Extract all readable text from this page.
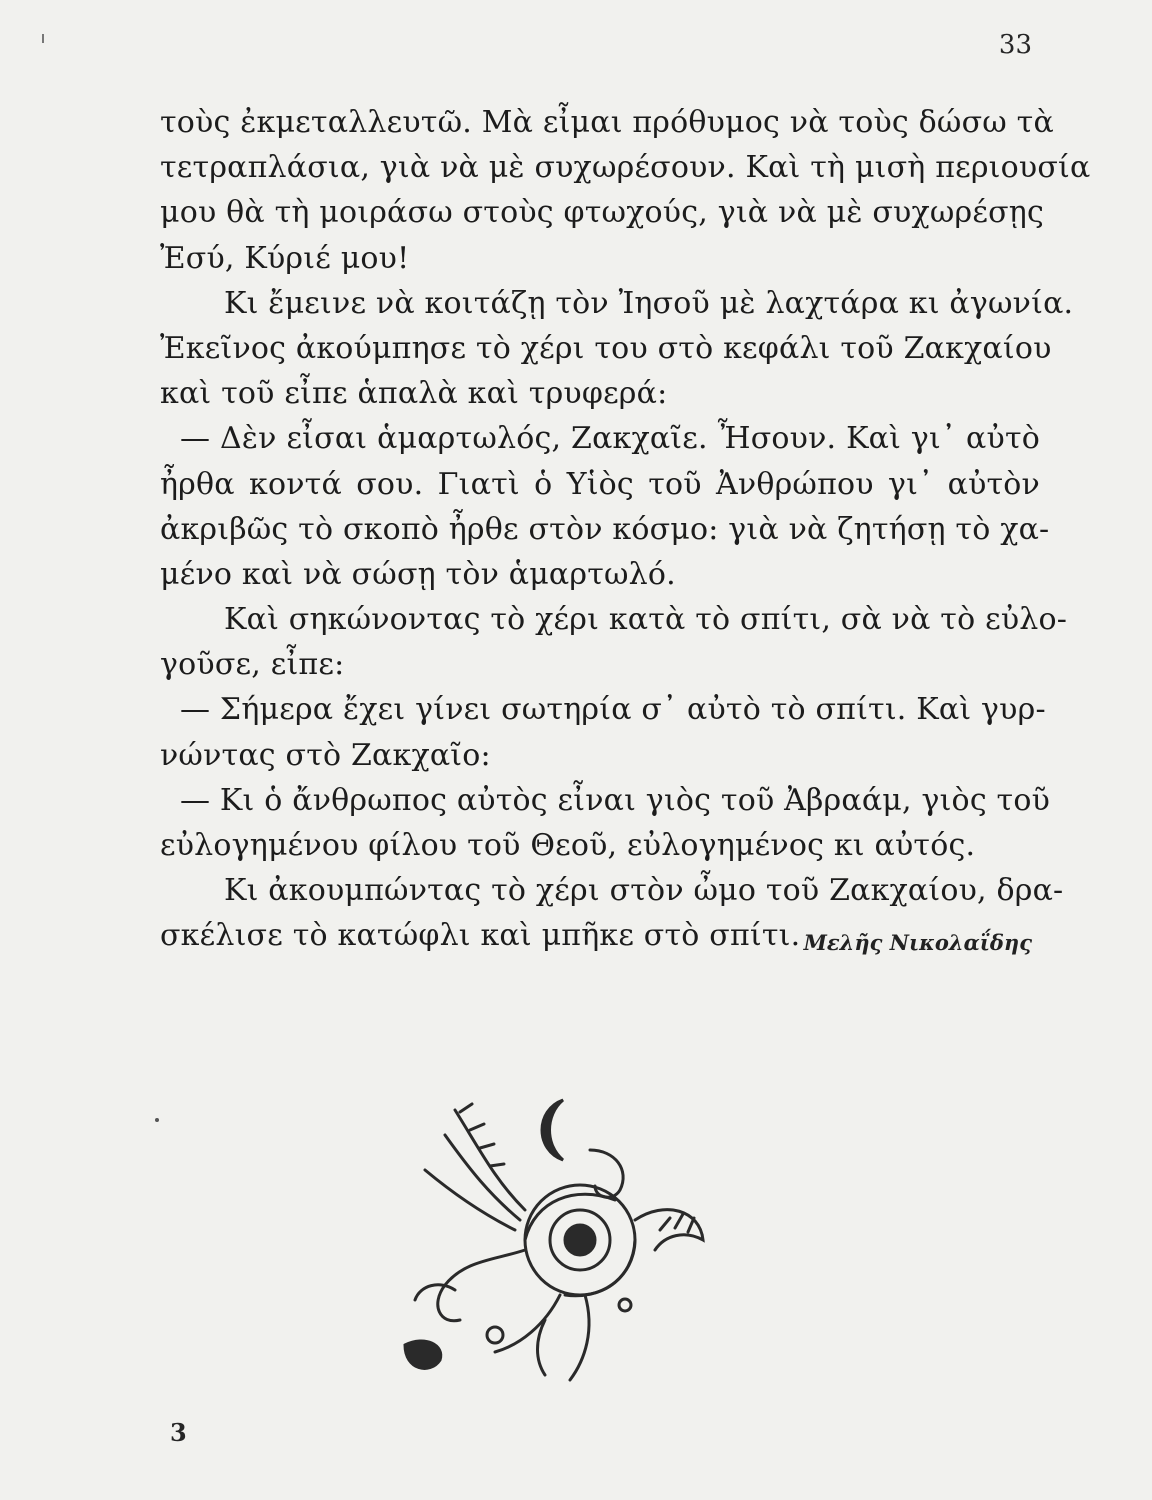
33
τοὺς ἐκμεταλλευτῶ. Μὰ εἶμαι πρόθυμος νὰ τοὺς δώσω τὰ
τετραπλάσια, γιὰ νὰ μὲ συχωρέσουν. Καὶ τὴ μισὴ περιουσία
μου θὰ τὴ μοιράσω στοὺς φτωχούς, γιὰ νὰ μὲ συχωρέσῃς
Ἐσύ, Κύριέ μου!
Κι ἔμεινε νὰ κοιτάζῃ τὸν Ἰησοῦ μὲ λαχτάρα κι ἀγωνία.
Ἐκεῖνος ἀκούμπησε τὸ χέρι του στὸ κεφάλι τοῦ Ζακχαίου
καὶ τοῦ εἶπε ἁπαλὰ καὶ τρυφερά:
— Δὲν εἶσαι ἁμαρτωλός, Ζακχαῖε. Ἦσουν. Καὶ γι᾽ αὐτὸ
ἦρθα κοντά σου. Γιατὶ ὁ Υἱὸς τοῦ Ἀνθρώπου γι᾽ αὐτὸν
ἀκριβῶς τὸ σκοπὸ ἦρθε στὸν κόσμο: γιὰ νὰ ζητήσῃ τὸ χα-
μένο καὶ νὰ σώσῃ τὸν ἁμαρτωλό.
Καὶ σηκώνοντας τὸ χέρι κατὰ τὸ σπίτι, σὰ νὰ τὸ εὐλο-
γοῦσε, εἶπε:
— Σήμερα ἔχει γίνει σωτηρία σ᾽ αὐτὸ τὸ σπίτι. Καὶ γυρ-
νώντας στὸ Ζακχαῖο:
— Κι ὁ ἄνθρωπος αὐτὸς εἶναι γιὸς τοῦ Ἀβραάμ, γιὸς τοῦ
εὐλογημένου φίλου τοῦ Θεοῦ, εὐλογημένος κι αὐτός.
Κι ἀκουμπώντας τὸ χέρι στὸν ὦμο τοῦ Ζακχαίου, δρα-
σκέλισε τὸ κατώφλι καὶ μπῆκε στὸ σπίτι. Μελῆς Νικολαΐδης
3
